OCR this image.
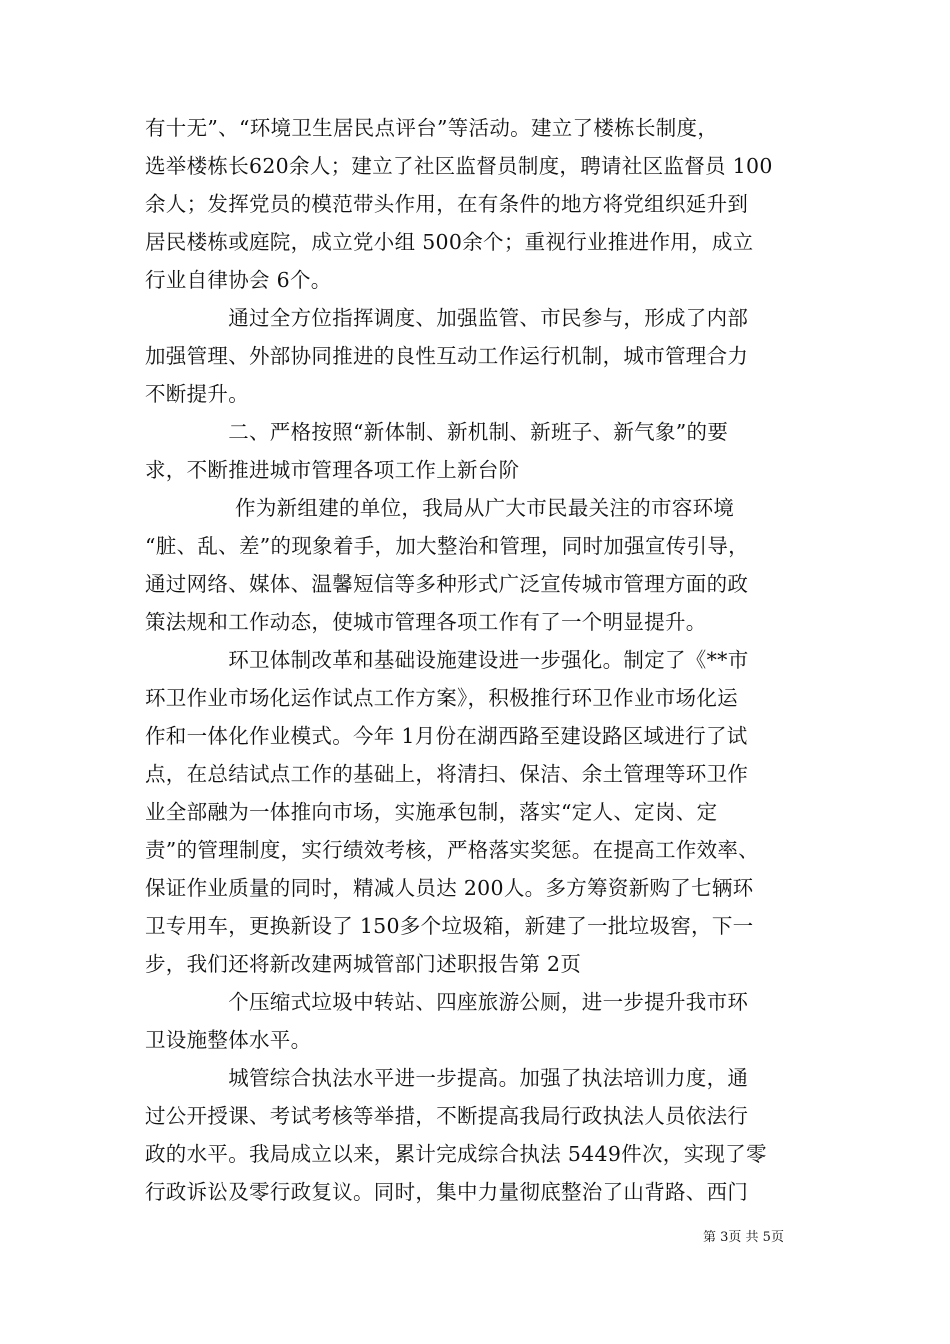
有十无”、“环境卫生居民点评台”等活动。建立了楼栋长制度，
选举楼栋长620余人；建立了社区监督员制度，聘请社区监督员 100
余人；发挥党员的模范带头作用，在有条件的地方将党组织延升到
居民楼栋或庭院，成立党小组 500余个；重视行业推进作用，成立
行业自律协会 6个。
　　　　通过全方位指挥调度、加强监管、市民参与，形成了内部
加强管理、外部协同推进的良性互动工作运行机制，城市管理合力
不断提升。
　　　　二、严格按照“新体制、新机制、新班子、新气象”的要
求，不断推进城市管理各项工作上新台阶
　　　　 作为新组建的单位，我局从广大市民最关注的市容环境
“脏、乱、差”的现象着手，加大整治和管理，同时加强宣传引导，
通过网络、媒体、温馨短信等多种形式广泛宣传城市管理方面的政
策法规和工作动态，使城市管理各项工作有了一个明显提升。
　　　　环卫体制改革和基础设施建设进一步强化。制定了《**市
环卫作业市场化运作试点工作方案》，积极推行环卫作业市场化运
作和一体化作业模式。今年 1月份在湖西路至建设路区域进行了试
点，在总结试点工作的基础上，将清扫、保洁、余土管理等环卫作
业全部融为一体推向市场，实施承包制，落实“定人、定岗、定
责”的管理制度，实行绩效考核，严格落实奖惩。在提高工作效率、
保证作业质量的同时，精减人员达 200人。多方筹资新购了七辆环
卫专用车，更换新设了 150多个垃圾箱，新建了一批垃圾窖，下一
步，我们还将新改建两城管部门述职报告第 2页
　　　　个压缩式垃圾中转站、四座旅游公厕，进一步提升我市环
卫设施整体水平。
　　　　城管综合执法水平进一步提高。加强了执法培训力度，通
过公开授课、考试考核等举措，不断提高我局行政执法人员依法行
政的水平。我局成立以来，累计完成综合执法 5449件次，实现了零
行政诉讼及零行政复议。同时，集中力量彻底整治了山背路、西门
第 3页 共 5页
